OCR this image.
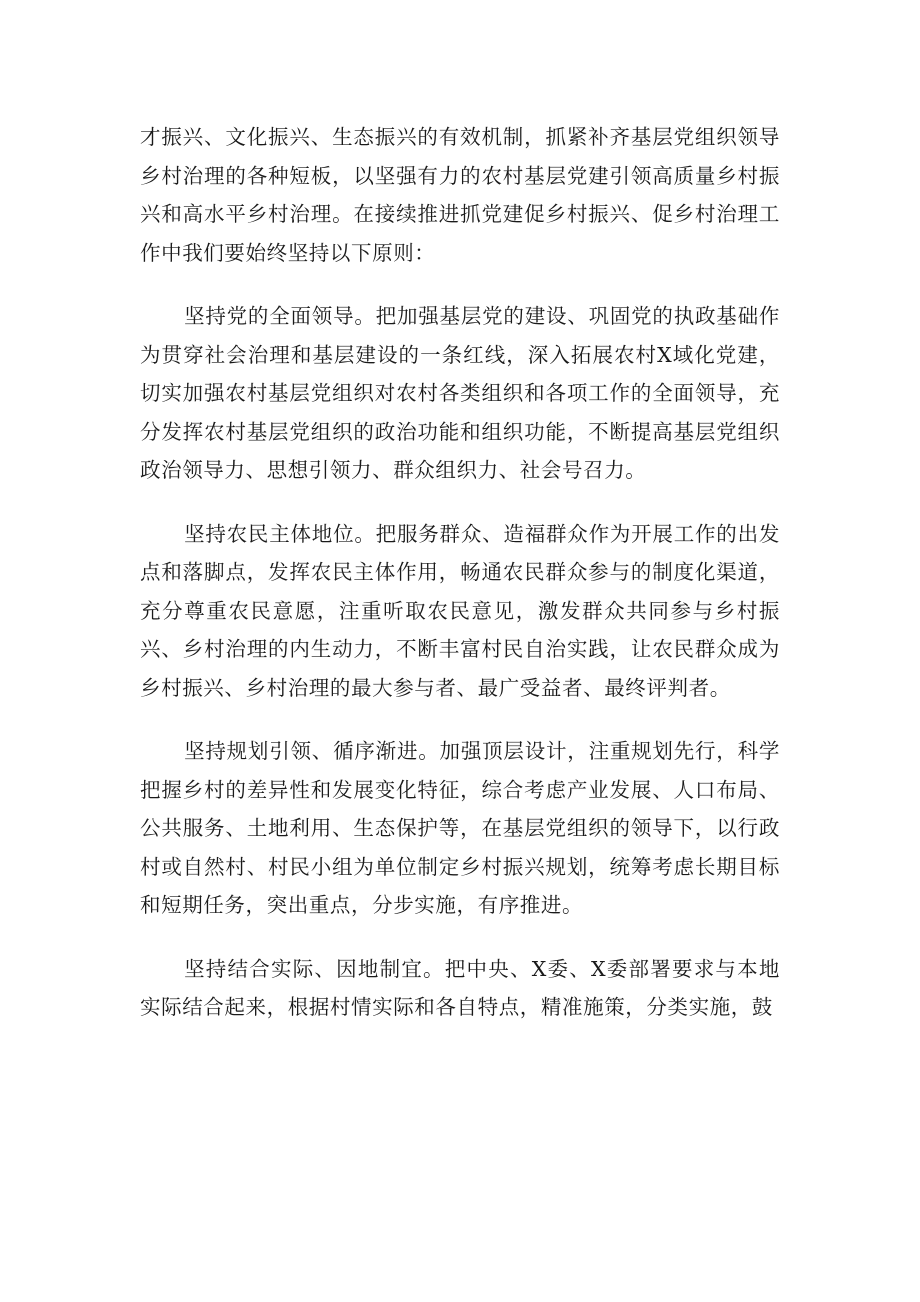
才振兴、文化振兴、生态振兴的有效机制，抓紧补齐基层党组织领导乡村治理的各种短板，以坚强有力的农村基层党建引领高质量乡村振兴和高水平乡村治理。在接续推进抓党建促乡村振兴、促乡村治理工作中我们要始终坚持以下原则：

坚持党的全面领导。把加强基层党的建设、巩固党的执政基础作为贯穿社会治理和基层建设的一条红线，深入拓展农村X域化党建，切实加强农村基层党组织对农村各类组织和各项工作的全面领导，充分发挥农村基层党组织的政治功能和组织功能，不断提高基层党组织政治领导力、思想引领力、群众组织力、社会号召力。

坚持农民主体地位。把服务群众、造福群众作为开展工作的出发点和落脚点，发挥农民主体作用，畅通农民群众参与的制度化渠道，充分尊重农民意愿，注重听取农民意见，激发群众共同参与乡村振兴、乡村治理的内生动力，不断丰富村民自治实践，让农民群众成为乡村振兴、乡村治理的最大参与者、最广受益者、最终评判者。

坚持规划引领、循序渐进。加强顶层设计，注重规划先行，科学把握乡村的差异性和发展变化特征，综合考虑产业发展、人口布局、公共服务、土地利用、生态保护等，在基层党组织的领导下，以行政村或自然村、村民小组为单位制定乡村振兴规划，统筹考虑长期目标和短期任务，突出重点，分步实施，有序推进。

坚持结合实际、因地制宜。把中央、X委、X委部署要求与本地实际结合起来，根据村情实际和各自特点，精准施策，分类实施，鼓
